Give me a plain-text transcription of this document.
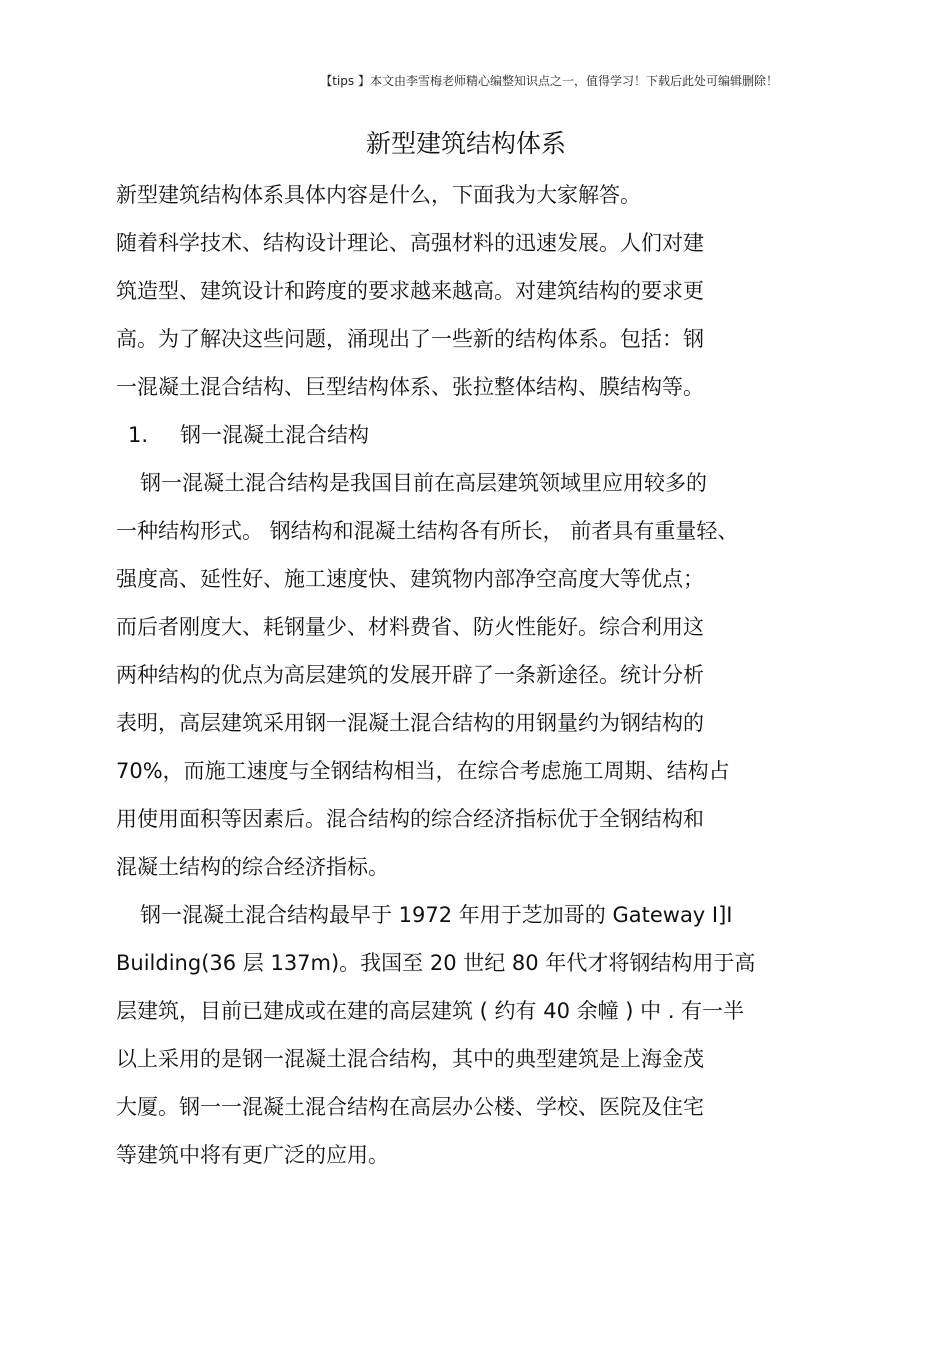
【tips 】本文由李雪梅老师精心编整知识点之一，值得学习！下载后此处可编辑删除！
新型建筑结构体系
新型建筑结构体系具体内容是什么，下面我为大家解答。
随着科学技术、结构设计理论、高强材料的迅速发展。人们对建
筑造型、建筑设计和跨度的要求越来越高。对建筑结构的要求更
高。为了解决这些问题，涌现出了一些新的结构体系。包括：钢
一混凝土混合结构、巨型结构体系、张拉整体结构、膜结构等。
1. 钢一混凝土混合结构
钢一混凝土混合结构是我国目前在高层建筑领域里应用较多的
一种结构形式。 钢结构和混凝土结构各有所长， 前者具有重量轻、
强度高、延性好、施工速度快、建筑物内部净空高度大等优点；
而后者刚度大、耗钢量少、材料费省、防火性能好。综合利用这
两种结构的优点为高层建筑的发展开辟了一条新途径。统计分析
表明，高层建筑采用钢一混凝土混合结构的用钢量约为钢结构的
70%，而施工速度与全钢结构相当，在综合考虑施工周期、结构占
用使用面积等因素后。混合结构的综合经济指标优于全钢结构和
混凝土结构的综合经济指标。
钢一混凝土混合结构最早于 1972 年用于芝加哥的 Gateway I]I
Building(36 层 137m)。我国至 20 世纪 80 年代才将钢结构用于高
层建筑，目前已建成或在建的高层建筑 ( 约有 40 余幢 ) 中 . 有一半
以上采用的是钢一混凝土混合结构，其中的典型建筑是上海金茂
大厦。钢一一混凝土混合结构在高层办公楼、学校、医院及住宅
等建筑中将有更广泛的应用。
